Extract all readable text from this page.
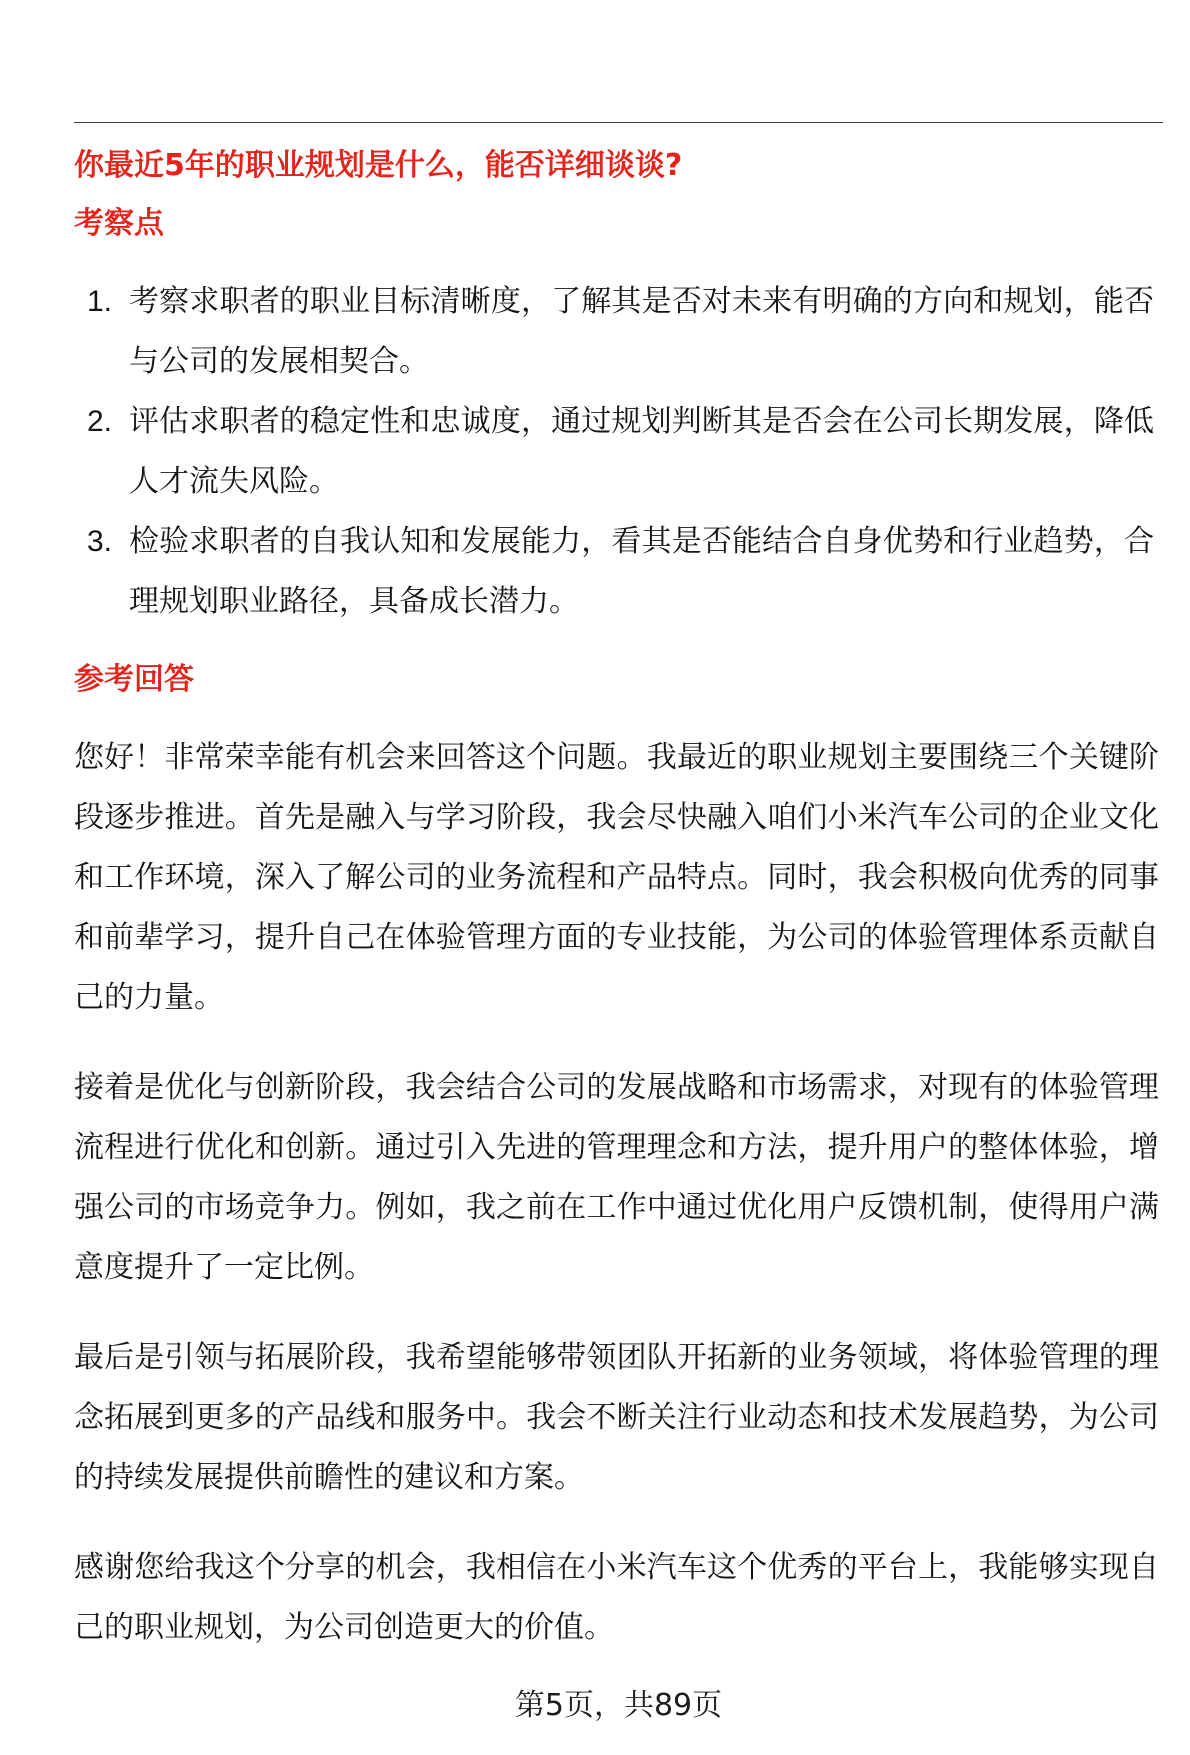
你最近5年的职业规划是什么，能否详细谈谈?
考察点
1. 考察求职者的职业目标清晰度，了解其是否对未来有明确的方向和规划，能否与公司的发展相契合。
2. 评估求职者的稳定性和忠诚度，通过规划判断其是否会在公司长期发展，降低人才流失风险。
3. 检验求职者的自我认知和发展能力，看其是否能结合自身优势和行业趋势，合理规划职业路径，具备成长潜力。
参考回答

您好！非常荣幸能有机会来回答这个问题。我最近的职业规划主要围绕三个关键阶段逐步推进。首先是融入与学习阶段，我会尽快融入咱们小米汽车公司的企业文化和工作环境，深入了解公司的业务流程和产品特点。同时，我会积极向优秀的同事和前辈学习，提升自己在体验管理方面的专业技能，为公司的体验管理体系贡献自己的力量。

接着是优化与创新阶段，我会结合公司的发展战略和市场需求，对现有的体验管理流程进行优化和创新。通过引入先进的管理理念和方法，提升用户的整体体验，增强公司的市场竞争力。例如，我之前在工作中通过优化用户反馈机制，使得用户满意度提升了一定比例。

最后是引领与拓展阶段，我希望能够带领团队开拓新的业务领域，将体验管理的理念拓展到更多的产品线和服务中。我会不断关注行业动态和技术发展趋势，为公司的持续发展提供前瞻性的建议和方案。

感谢您给我这个分享的机会，我相信在小米汽车这个优秀的平台上，我能够实现自己的职业规划，为公司创造更大的价值。

第5页，共89页
